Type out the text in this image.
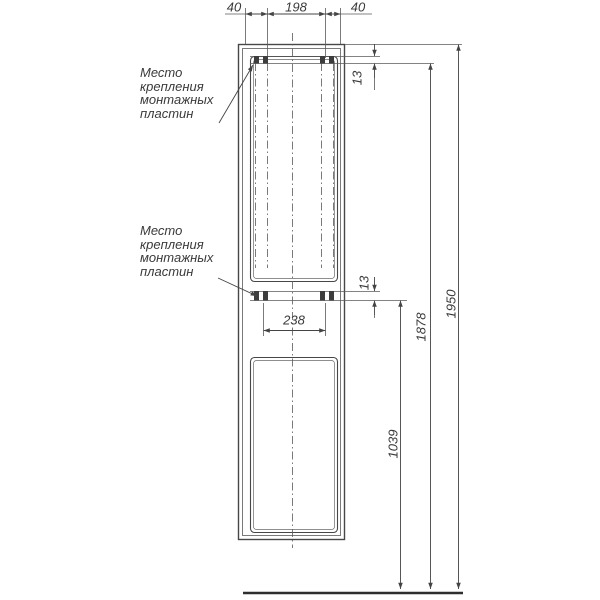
Место
крепления
монтажных
пластин
Место
крепления
монтажных
пластин
40	198	40
238
13
13
1878
1950
1039
